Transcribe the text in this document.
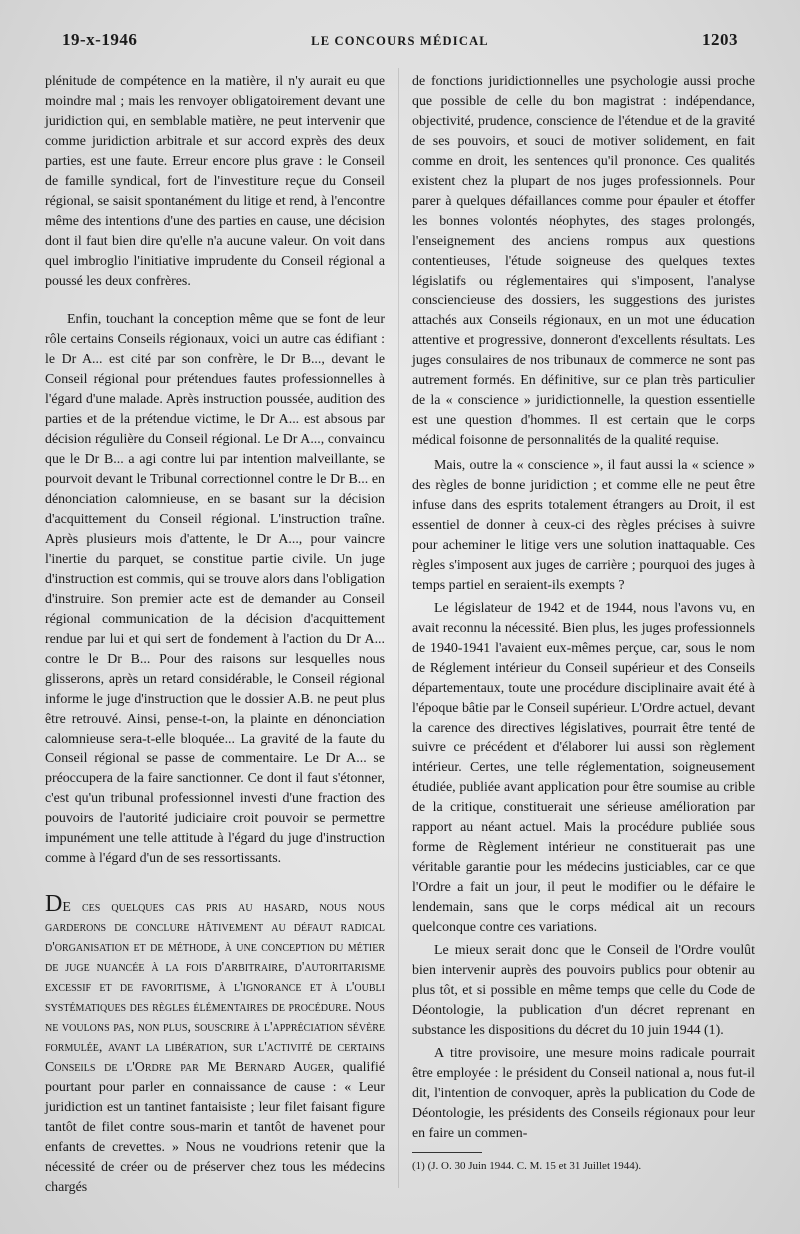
19-x-1946	LE CONCOURS MÉDICAL	1203

plénitude de compétence en la matière, il n'y aurait eu que moindre mal ; mais les renvoyer obligatoirement devant une juridiction qui, en semblable matière, ne peut intervenir que comme juridiction arbitrale et sur accord exprès des deux parties, est une faute. Erreur encore plus grave : le Conseil de famille syndical, fort de l'investiture reçue du Conseil régional, se saisit spontanément du litige et rend, à l'encontre même des intentions d'une des parties en cause, une décision dont il faut bien dire qu'elle n'a aucune valeur. On voit dans quel imbroglio l'initiative imprudente du Conseil régional a poussé les deux confrères.

Enfin, touchant la conception même que se font de leur rôle certains Conseils régionaux, voici un autre cas édifiant : le Dr A... est cité par son confrère, le Dr B..., devant le Conseil régional pour prétendues fautes professionnelles à l'égard d'une malade. Après instruction poussée, audition des parties et de la prétendue victime, le Dr A... est absous par décision régulière du Conseil régional. Le Dr A..., convaincu que le Dr B... a agi contre lui par intention malveillante, se pourvoit devant le Tribunal correctionnel contre le Dr B... en dénonciation calomnieuse, en se basant sur la décision d'acquittement du Conseil régional. L'instruction traîne. Après plusieurs mois d'attente, le Dr A..., pour vaincre l'inertie du parquet, se constitue partie civile. Un juge d'instruction est commis, qui se trouve alors dans l'obligation d'instruire. Son premier acte est de demander au Conseil régional communication de la décision d'acquittement rendue par lui et qui sert de fondement à l'action du Dr A... contre le Dr B... Pour des raisons sur lesquelles nous glisserons, après un retard considérable, le Conseil régional informe le juge d'instruction que le dossier A.B. ne peut plus être retrouvé. Ainsi, pense-t-on, la plainte en dénonciation calomnieuse sera-t-elle bloquée... La gravité de la faute du Conseil régional se passe de commentaire. Le Dr A... se préoccupera de la faire sanctionner. Ce dont il faut s'étonner, c'est qu'un tribunal professionnel investi d'une fraction des pouvoirs de l'autorité judiciaire croit pouvoir se permettre impunément une telle attitude à l'égard du juge d'instruction comme à l'égard d'un de ses ressortissants.

DE ces quelques cas pris au hasard, nous nous garderons de conclure hâtivement au défaut radical d'organisation et de méthode, à une conception du métier de juge nuancée à la fois d'arbitraire, d'autoritarisme excessif et de favoritisme, à l'ignorance et à l'oubli systématiques des règles élémentaires de procédure. Nous ne voulons pas, non plus, souscrire à l'appréciation sévère formulée, avant la libération, sur l'activité de certains Conseils de l'Ordre par Me Bernard Auger, qualifié pourtant pour parler en connaissance de cause : « Leur juridiction est un tantinet fantaisiste ; leur filet faisant figure tantôt de filet contre sous-marin et tantôt de havenet pour enfants de crevettes. » Nous ne voudrions retenir que la nécessité de créer ou de préserver chez tous les médecins chargés

de fonctions juridictionnelles une psychologie aussi proche que possible de celle du bon magistrat : indépendance, objectivité, prudence, conscience de l'étendue et de la gravité de ses pouvoirs, et souci de motiver solidement, en fait comme en droit, les sentences qu'il prononce. Ces qualités existent chez la plupart de nos juges professionnels. Pour parer à quelques défaillances comme pour épauler et étoffer les bonnes volontés néophytes, des stages prolongés, l'enseignement des anciens rompus aux questions contentieuses, l'étude soigneuse des quelques textes législatifs ou réglementaires qui s'imposent, l'analyse consciencieuse des dossiers, les suggestions des juristes attachés aux Conseils régionaux, en un mot une éducation attentive et progressive, donneront d'excellents résultats. Les juges consulaires de nos tribunaux de commerce ne sont pas autrement formés. En définitive, sur ce plan très particulier de la « conscience » juridictionnelle, la question essentielle est une question d'hommes. Il est certain que le corps médical foisonne de personnalités de la qualité requise.

Mais, outre la « conscience », il faut aussi la « science » des règles de bonne juridiction ; et comme elle ne peut être infuse dans des esprits totalement étrangers au Droit, il est essentiel de donner à ceux-ci des règles précises à suivre pour acheminer le litige vers une solution inattaquable. Ces règles s'imposent aux juges de carrière ; pourquoi des juges à temps partiel en seraient-ils exempts ?

Le législateur de 1942 et de 1944, nous l'avons vu, en avait reconnu la nécessité. Bien plus, les juges professionnels de 1940-1941 l'avaient eux-mêmes perçue, car, sous le nom de Réglement intérieur du Conseil supérieur et des Conseils départementaux, toute une procédure disciplinaire avait été à l'époque bâtie par le Conseil supérieur. L'Ordre actuel, devant la carence des directives législatives, pourrait être tenté de suivre ce précédent et d'élaborer lui aussi son règlement intérieur. Certes, une telle réglementation, soigneusement étudiée, publiée avant application pour être soumise au crible de la critique, constituerait une sérieuse amélioration par rapport au néant actuel. Mais la procédure publiée sous forme de Règlement intérieur ne constituerait pas une véritable garantie pour les médecins justiciables, car ce que l'Ordre a fait un jour, il peut le modifier ou le défaire le lendemain, sans que le corps médical ait un recours quelconque contre ces variations.

Le mieux serait donc que le Conseil de l'Ordre voulût bien intervenir auprès des pouvoirs publics pour obtenir au plus tôt, et si possible en même temps que celle du Code de Déontologie, la publication d'un décret reprenant en substance les dispositions du décret du 10 juin 1944 (1).

A titre provisoire, une mesure moins radicale pourrait être employée : le président du Conseil national a, nous fut-il dit, l'intention de convoquer, après la publication du Code de Déontologie, les présidents des Conseils régionaux pour leur en faire un commen-

(1) (J. O. 30 Juin 1944. C. M. 15 et 31 Juillet 1944).
